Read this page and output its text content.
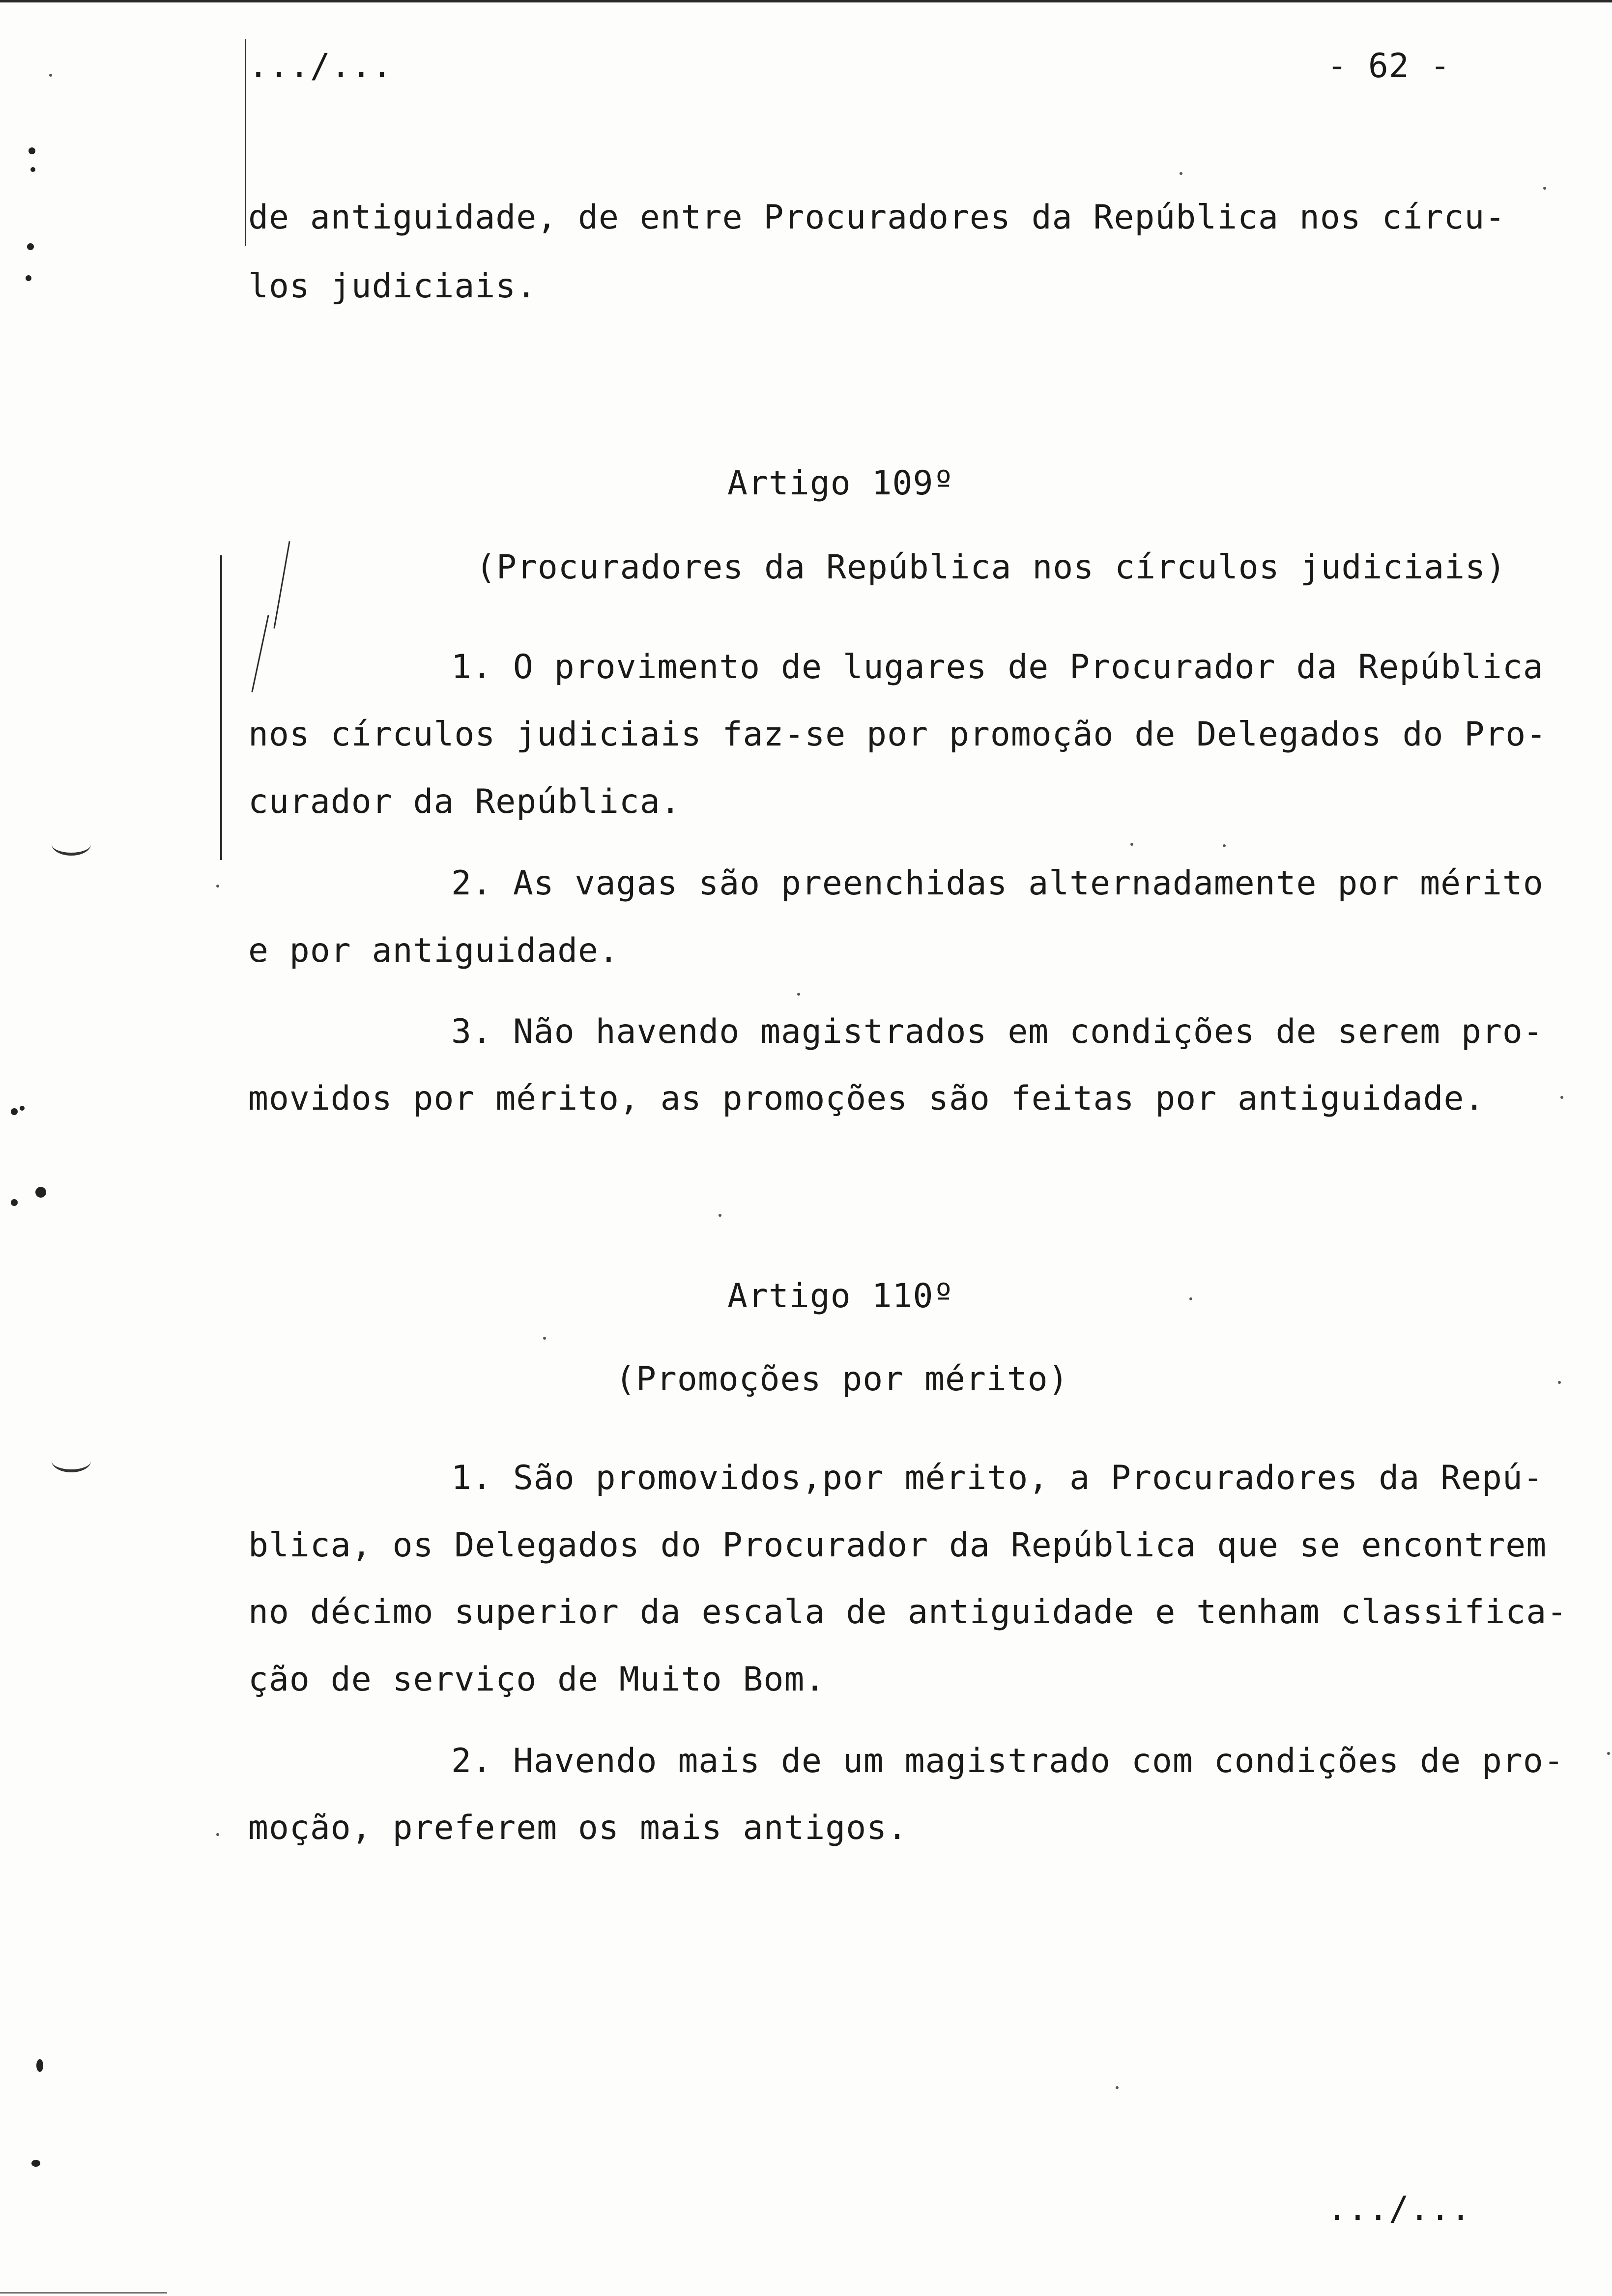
.../...	- 62 -
de antiguidade, de entre Procuradores da República nos círcu-
los judiciais.
Artigo 109º
(Procuradores da República nos círculos judiciais)
1. O provimento de lugares de Procurador da República
nos círculos judiciais faz-se por promoção de Delegados do Pro-
curador da República.
2. As vagas são preenchidas alternadamente por mérito
e por antiguidade.
3. Não havendo magistrados em condições de serem pro-
movidos por mérito, as promoções são feitas por antiguidade.
Artigo 110º
(Promoções por mérito)
1. São promovidos,por mérito, a Procuradores da Repú-
blica, os Delegados do Procurador da República que se encontrem
no décimo superior da escala de antiguidade e tenham classifica-
ção de serviço de Muito Bom.
2. Havendo mais de um magistrado com condições de pro-
moção, preferem os mais antigos.
.../...
